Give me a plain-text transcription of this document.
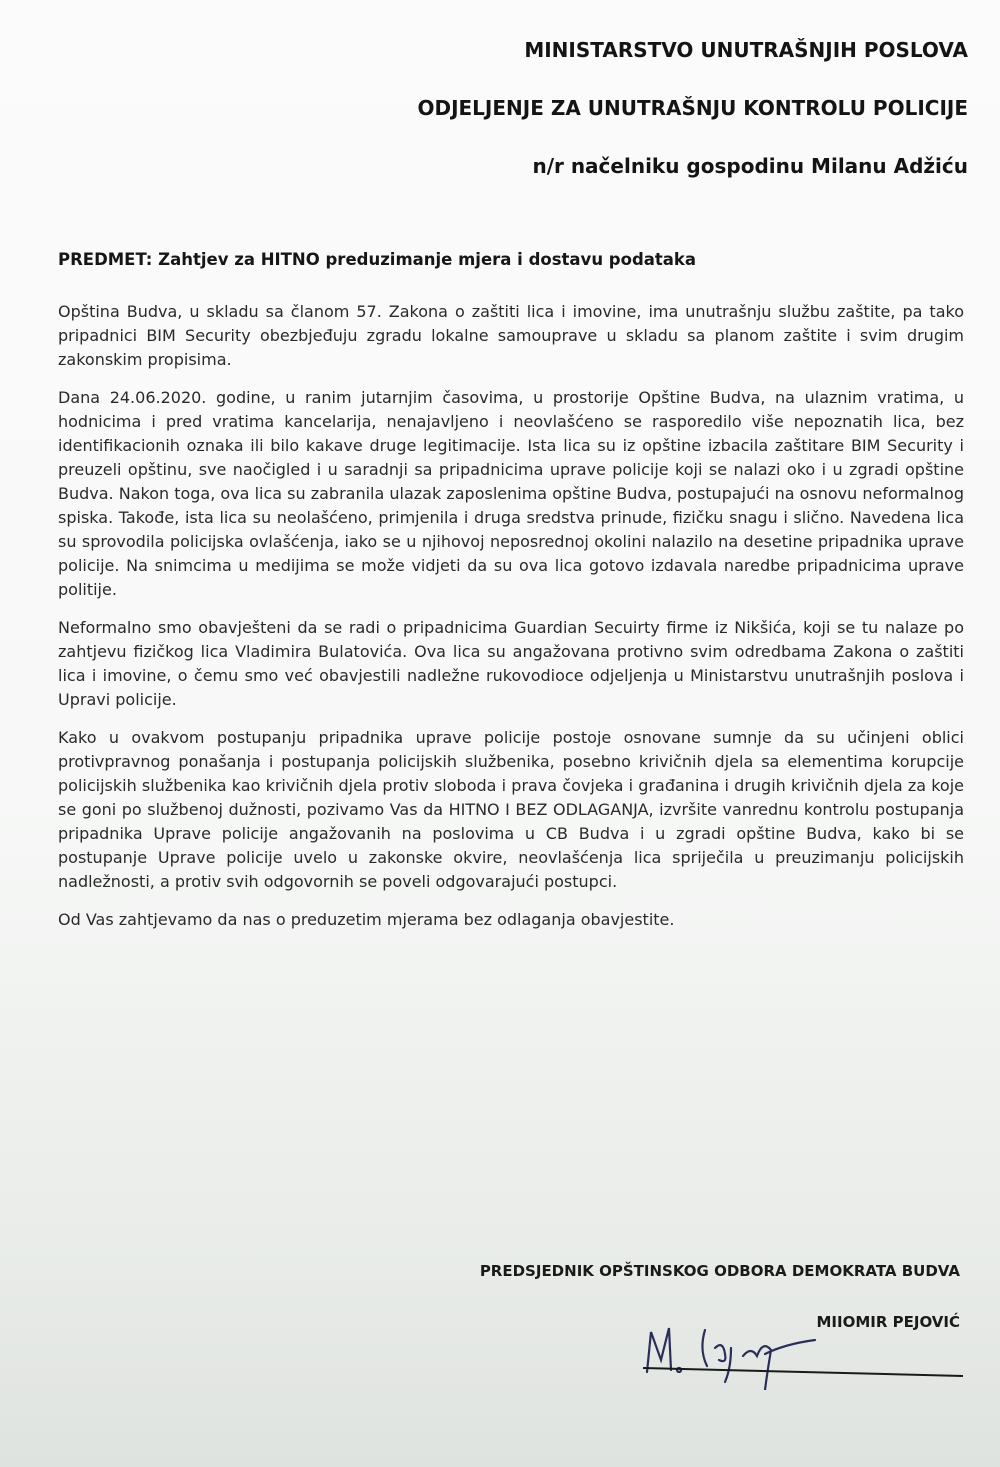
MINISTARSTVO UNUTRAŠNJIH POSLOVA
ODJELJENJE ZA UNUTRAŠNJU KONTROLU POLICIJE
n/r načelniku gospodinu Milanu Adžiću
PREDMET: Zahtjev za HITNO preduzimanje mjera i dostavu podataka

Opština Budva, u skladu sa članom 57. Zakona o zaštiti lica i imovine, ima unutrašnju službu zaštite, pa tako pripadnici BIM Security obezbjeđuju zgradu lokalne samouprave u skladu sa planom zaštite i svim drugim zakonskim propisima.

Dana 24.06.2020. godine, u ranim jutarnjim časovima, u prostorije Opštine Budva, na ulaznim vratima, u hodnicima i pred vratima kancelarija, nenajavljeno i neovlašćeno se rasporedilo više nepoznatih lica, bez identifikacionih oznaka ili bilo kakave druge legitimacije. Ista lica su iz opštine izbacila zaštitare BIM Security i preuzeli opštinu, sve naočigled i u saradnji sa pripadnicima uprave policije koji se nalazi oko i u zgradi opštine Budva. Nakon toga, ova lica su zabranila ulazak zaposlenima opštine Budva, postupajući na osnovu neformalnog spiska. Takođe, ista lica su neolašćeno, primjenila i druga sredstva prinude, fizičku snagu i slično. Navedena lica su sprovodila policijska ovlašćenja, iako se u njihovoj neposrednoj okolini nalazilo na desetine pripadnika uprave policije. Na snimcima u medijima se može vidjeti da su ova lica gotovo izdavala naredbe pripadnicima uprave politije.

Neformalno smo obavješteni da se radi o pripadnicima Guardian Secuirty firme iz Nikšića, koji se tu nalaze po zahtjevu fizičkog lica Vladimira Bulatovića. Ova lica su angažovana protivno svim odredbama Zakona o zaštiti lica i imovine, o čemu smo već obavjestili nadležne rukovodioce odjeljenja u Ministarstvu unutrašnjih poslova i Upravi policije.

Kako u ovakvom postupanju pripadnika uprave policije postoje osnovane sumnje da su učinjeni oblici protivpravnog ponašanja i postupanja policijskih službenika, posebno krivičnih djela sa elementima korupcije policijskih službenika kao krivičnih djela protiv sloboda i prava čovjeka i građanina i drugih krivičnih djela za koje se goni po službenoj dužnosti, pozivamo Vas da HITNO I BEZ ODLAGANJA, izvršite vanrednu kontrolu postupanja pripadnika Uprave policije angažovanih na poslovima u CB Budva i u zgradi opštine Budva, kako bi se postupanje Uprave policije uvelo u zakonske okvire, neovlašćenja lica spriječila u preuzimanju policijskih nadležnosti, a protiv svih odgovornih se poveli odgovarajući postupci.

Od Vas zahtjevamo da nas o preduzetim mjerama bez odlaganja obavjestite.

PREDSJEDNIK OPŠTINSKOG ODBORA DEMOKRATA BUDVA
MIIOMIR PEJOVIĆ
